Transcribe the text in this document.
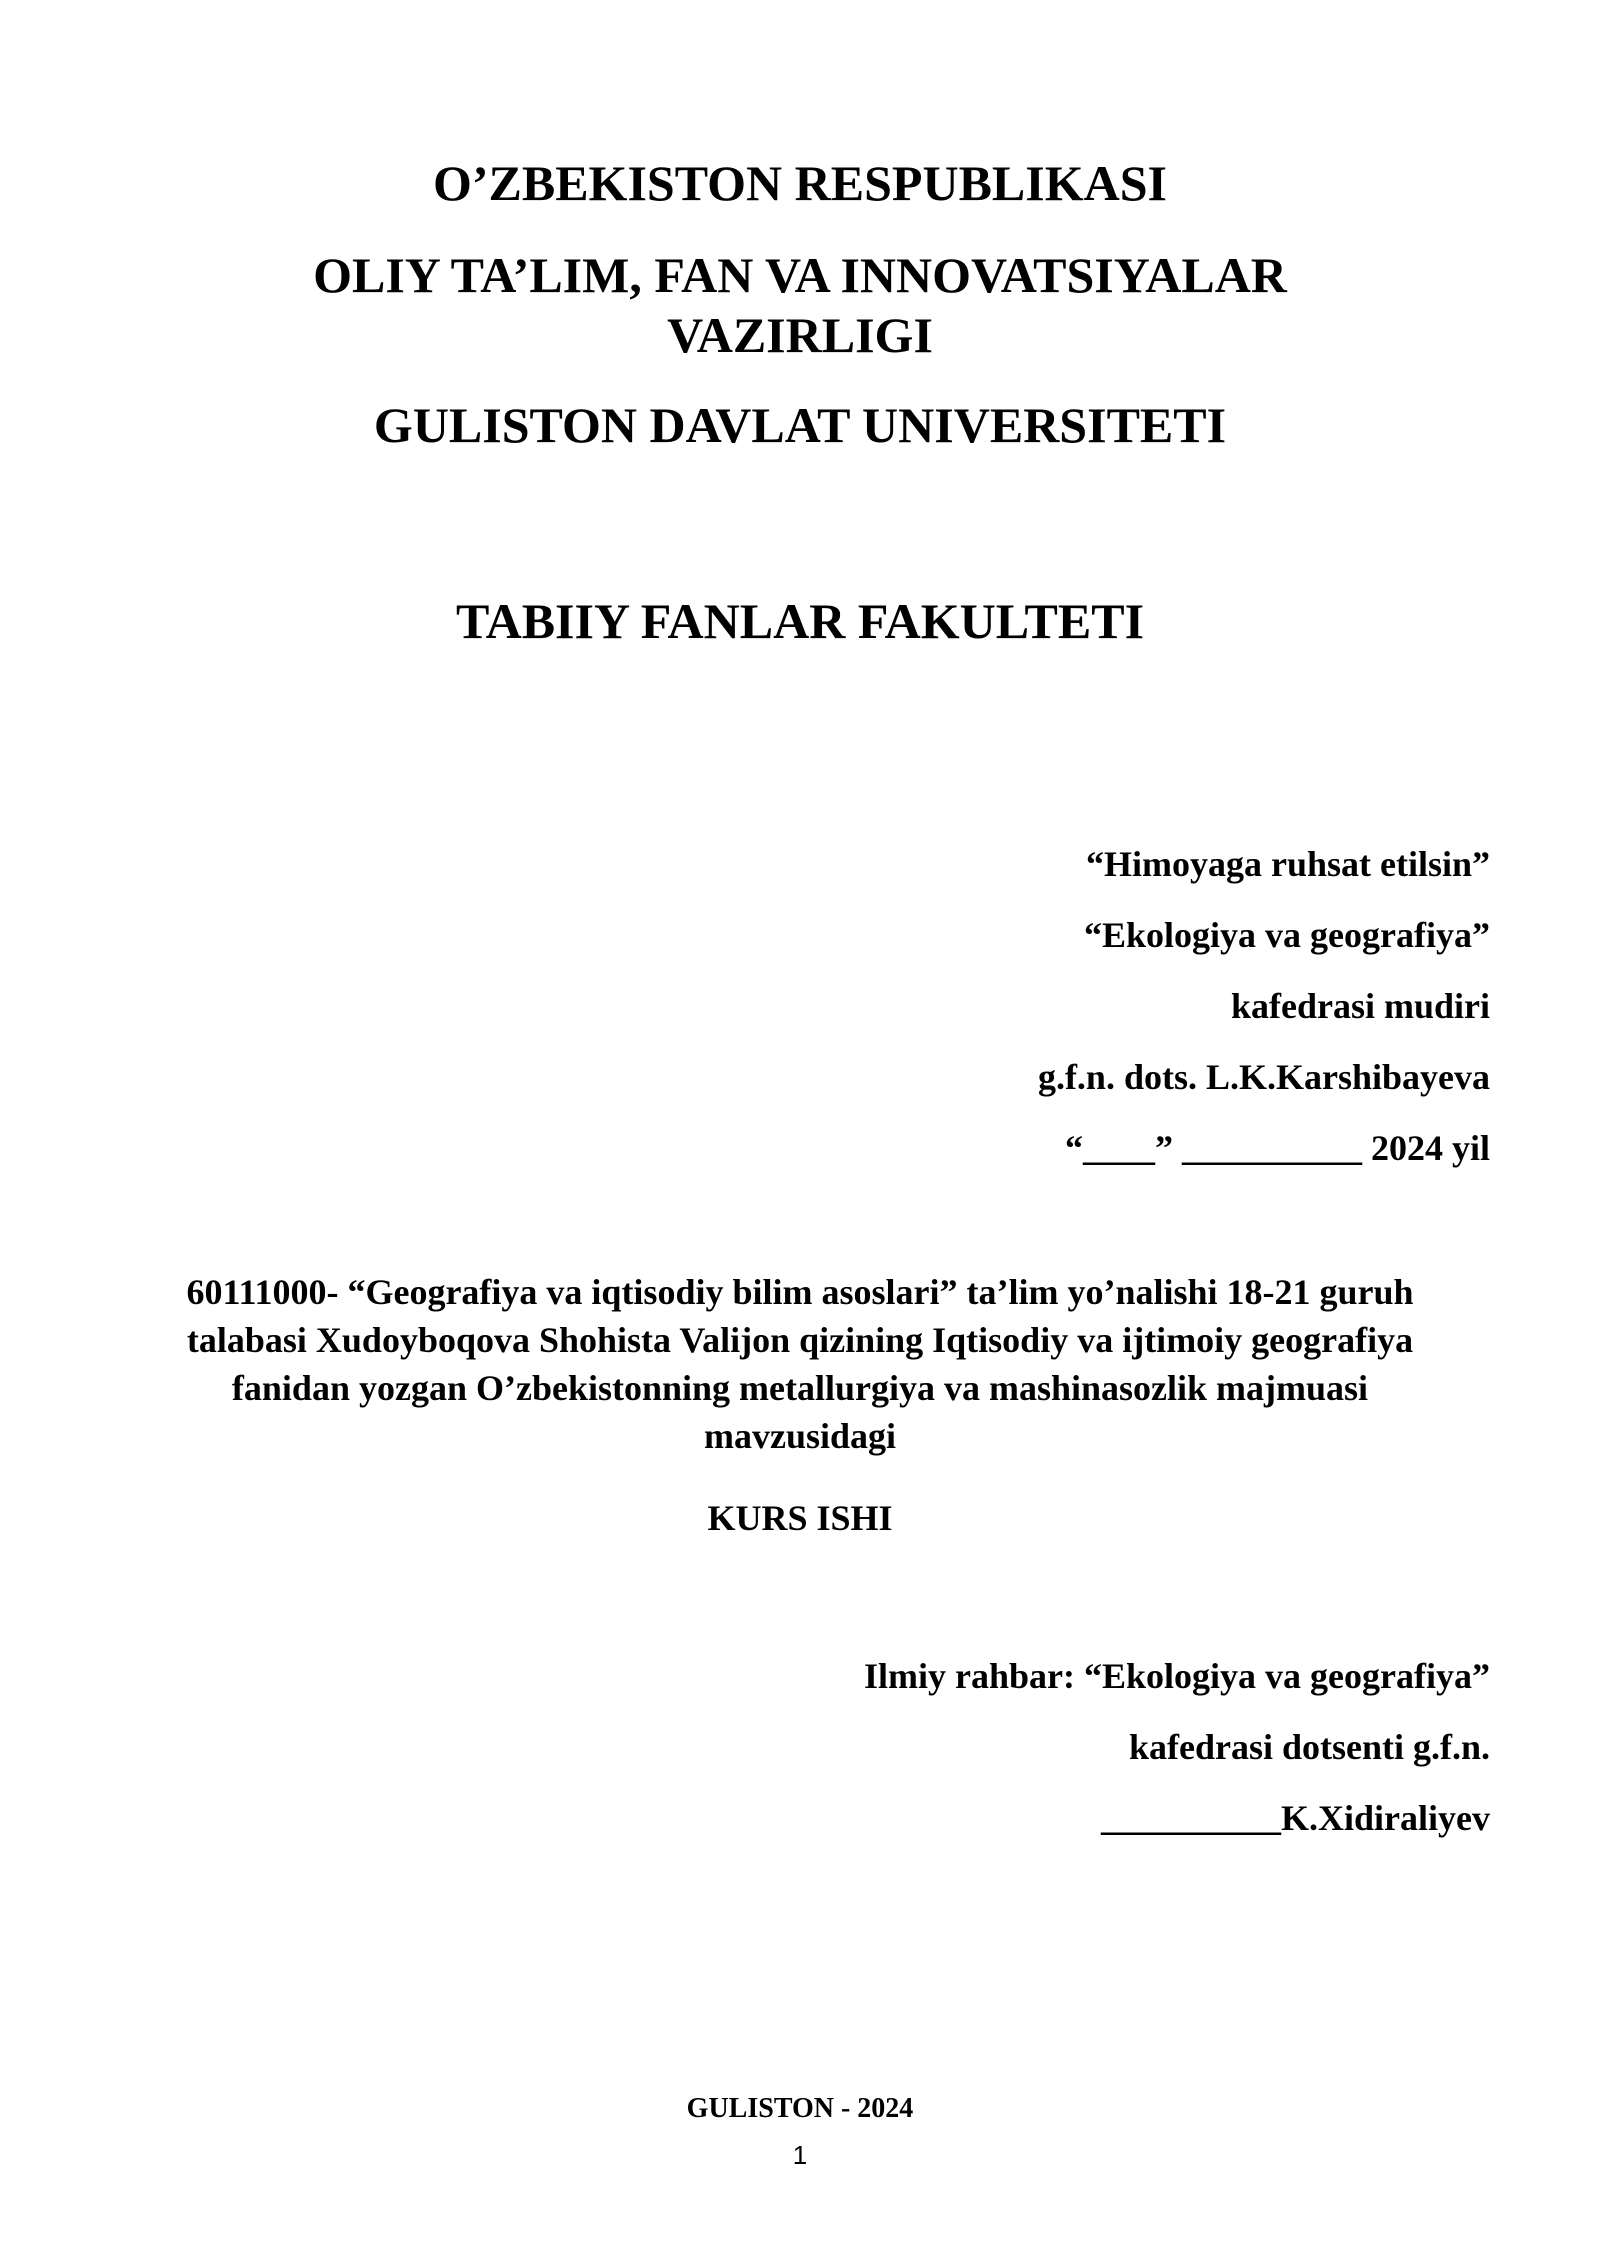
O’ZBEKISTON RESPUBLIKASI
OLIY TA’LIM, FAN VA INNOVATSIYALAR
VAZIRLIGI
GULISTON DAVLAT UNIVERSITETI
TABIIY FANLAR FAKULTETI
“Himoyaga ruhsat etilsin”
“Ekologiya va geografiya”
kafedrasi mudiri
g.f.n. dots. L.K.Karshibayeva
“____” __________ 2024 yil
60111000- “Geografiya va iqtisodiy bilim asoslari” ta’lim yo’nalishi 18-21 guruh
talabasi Xudoyboqova Shohista Valijon qizining Iqtisodiy va ijtimoiy geografiya
fanidan yozgan O’zbekistonning metallurgiya va mashinasozlik majmuasi
mavzusidagi
KURS ISHI
Ilmiy rahbar: “Ekologiya va geografiya”
kafedrasi dotsenti g.f.n.
__________K.Xidiraliyev
GULISTON - 2024
1
